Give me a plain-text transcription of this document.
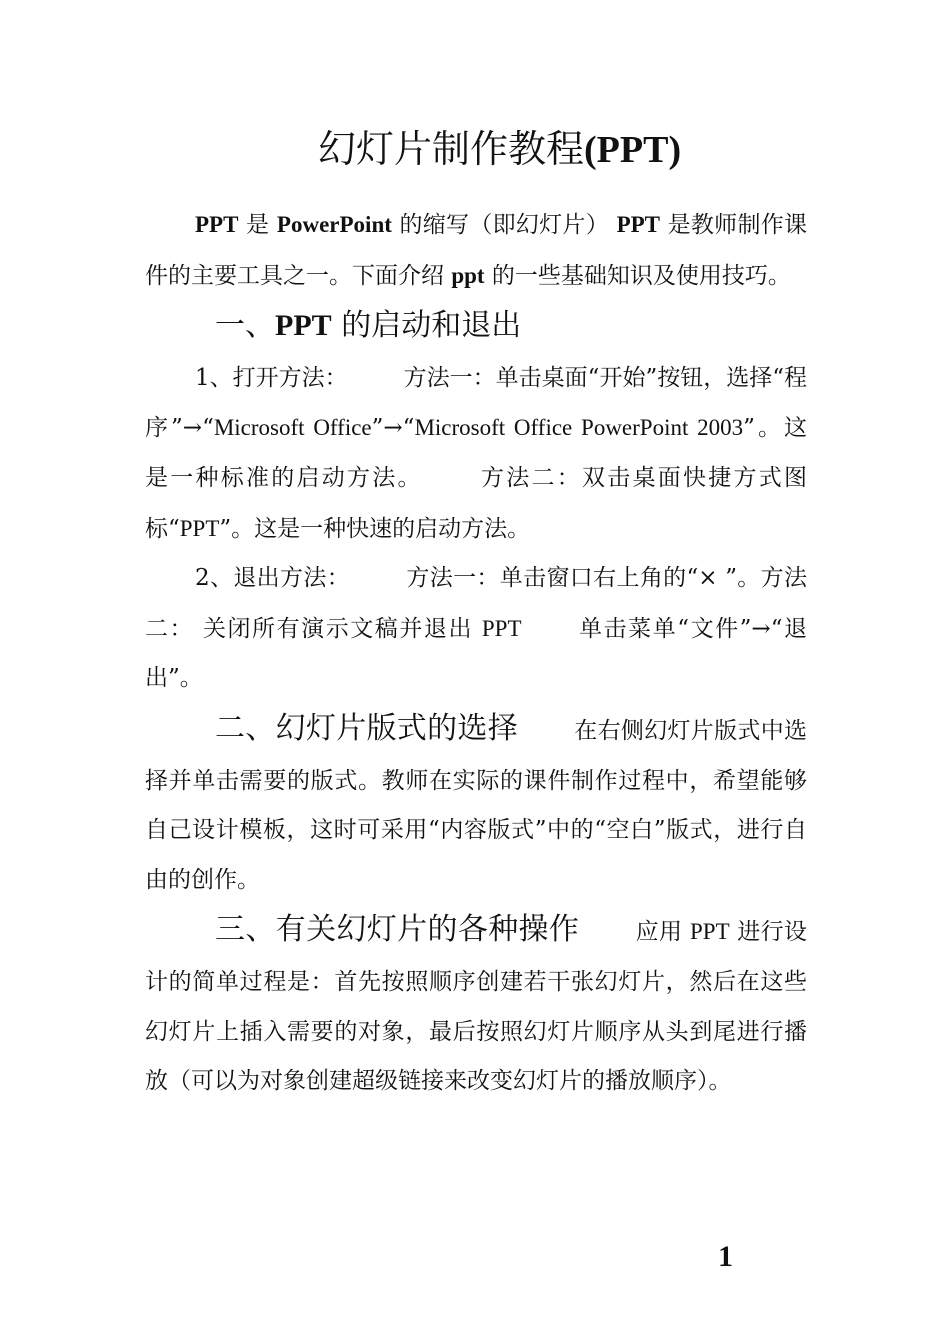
幻灯片制作教程(PPT)

PPT 是 PowerPoint 的缩写（即幻灯片） PPT 是教师制作课件的主要工具之一。下面介绍 ppt 的一些基础知识及使用技巧。

一、PPT 的启动和退出

1、打开方法： 方法一：单击桌面“开始”按钮，选择“程序”→“Microsoft Office”→“Microsoft Office PowerPoint 2003”。这是一种标准的启动方法。 方法二：双击桌面快捷方式图标“PPT”。这是一种快速的启动方法。

2、退出方法： 方法一：单击窗口右上角的“× ”。方法二： 关闭所有演示文稿并退出 PPT 单击菜单“文件”→“退出”。

二、幻灯片版式的选择 在右侧幻灯片版式中选择并单击需要的版式。教师在实际的课件制作过程中，希望能够自己设计模板，这时可采用“内容版式”中的“空白”版式，进行自由的创作。

三、有关幻灯片的各种操作 应用 PPT 进行设计的简单过程是：首先按照顺序创建若干张幻灯片，然后在这些幻灯片上插入需要的对象，最后按照幻灯片顺序从头到尾进行播放（可以为对象创建超级链接来改变幻灯片的播放顺序）。

1
